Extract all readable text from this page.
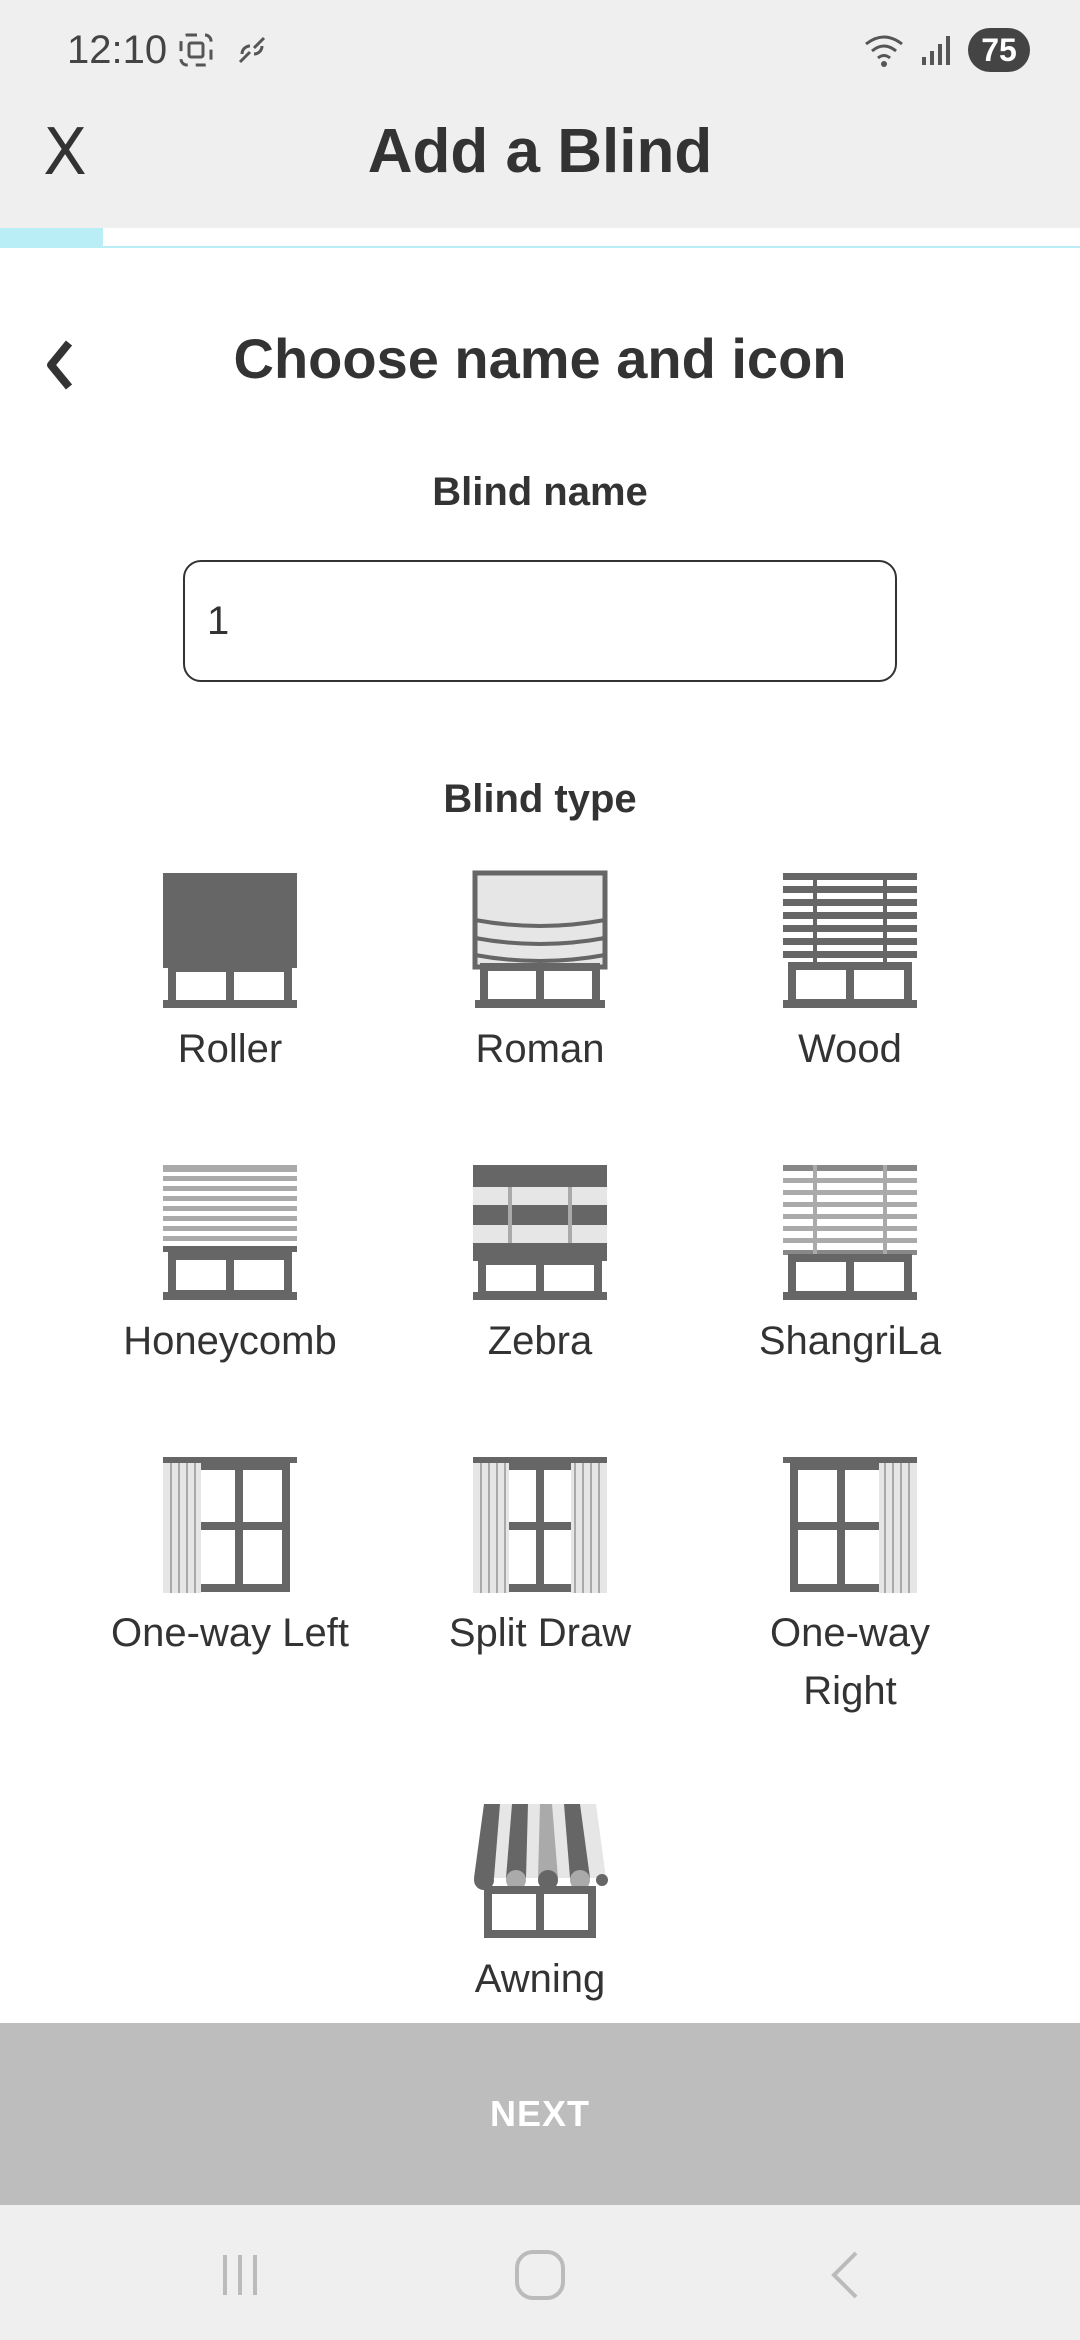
12:10	75
X	Add a Blind
Choose name and icon
Blind name
1
Blind type
Roller	Roman	Wood
Honeycomb	Zebra	ShangriLa
One-way Left	Split Draw	One-way Right
Awning
NEXT
